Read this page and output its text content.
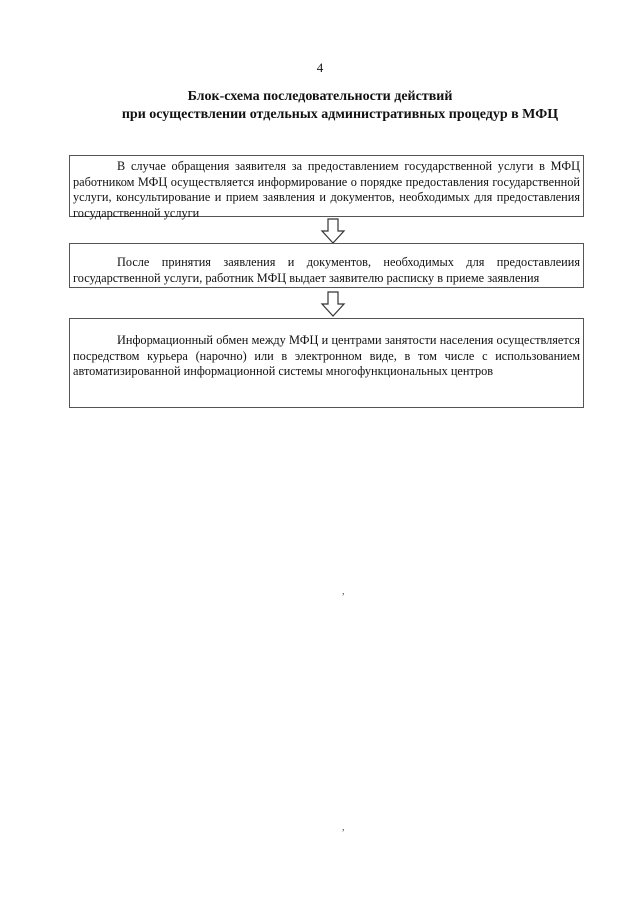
4
Блок-схема последовательности действий
при осуществлении отдельных административных процедур в МФЦ
В случае обращения заявителя за предоставлением государственной услуги в МФЦ работником МФЦ осуществляется информирование о порядке предоставления государственной услуги, консультирование и прием заявления и документов, необходимых для предоставления государственной услуги
После принятия заявления и документов, необходимых для предоставлеиия государственной услуги, работник МФЦ выдает заявителю расписку в приеме заявления
Информационный обмен между МФЦ и центрами занятости населения осуществляется посредством курьера (нарочно) или в электронном виде, в том числе с использованием автоматизированной информационной системы многофункциональных центров
,
,
